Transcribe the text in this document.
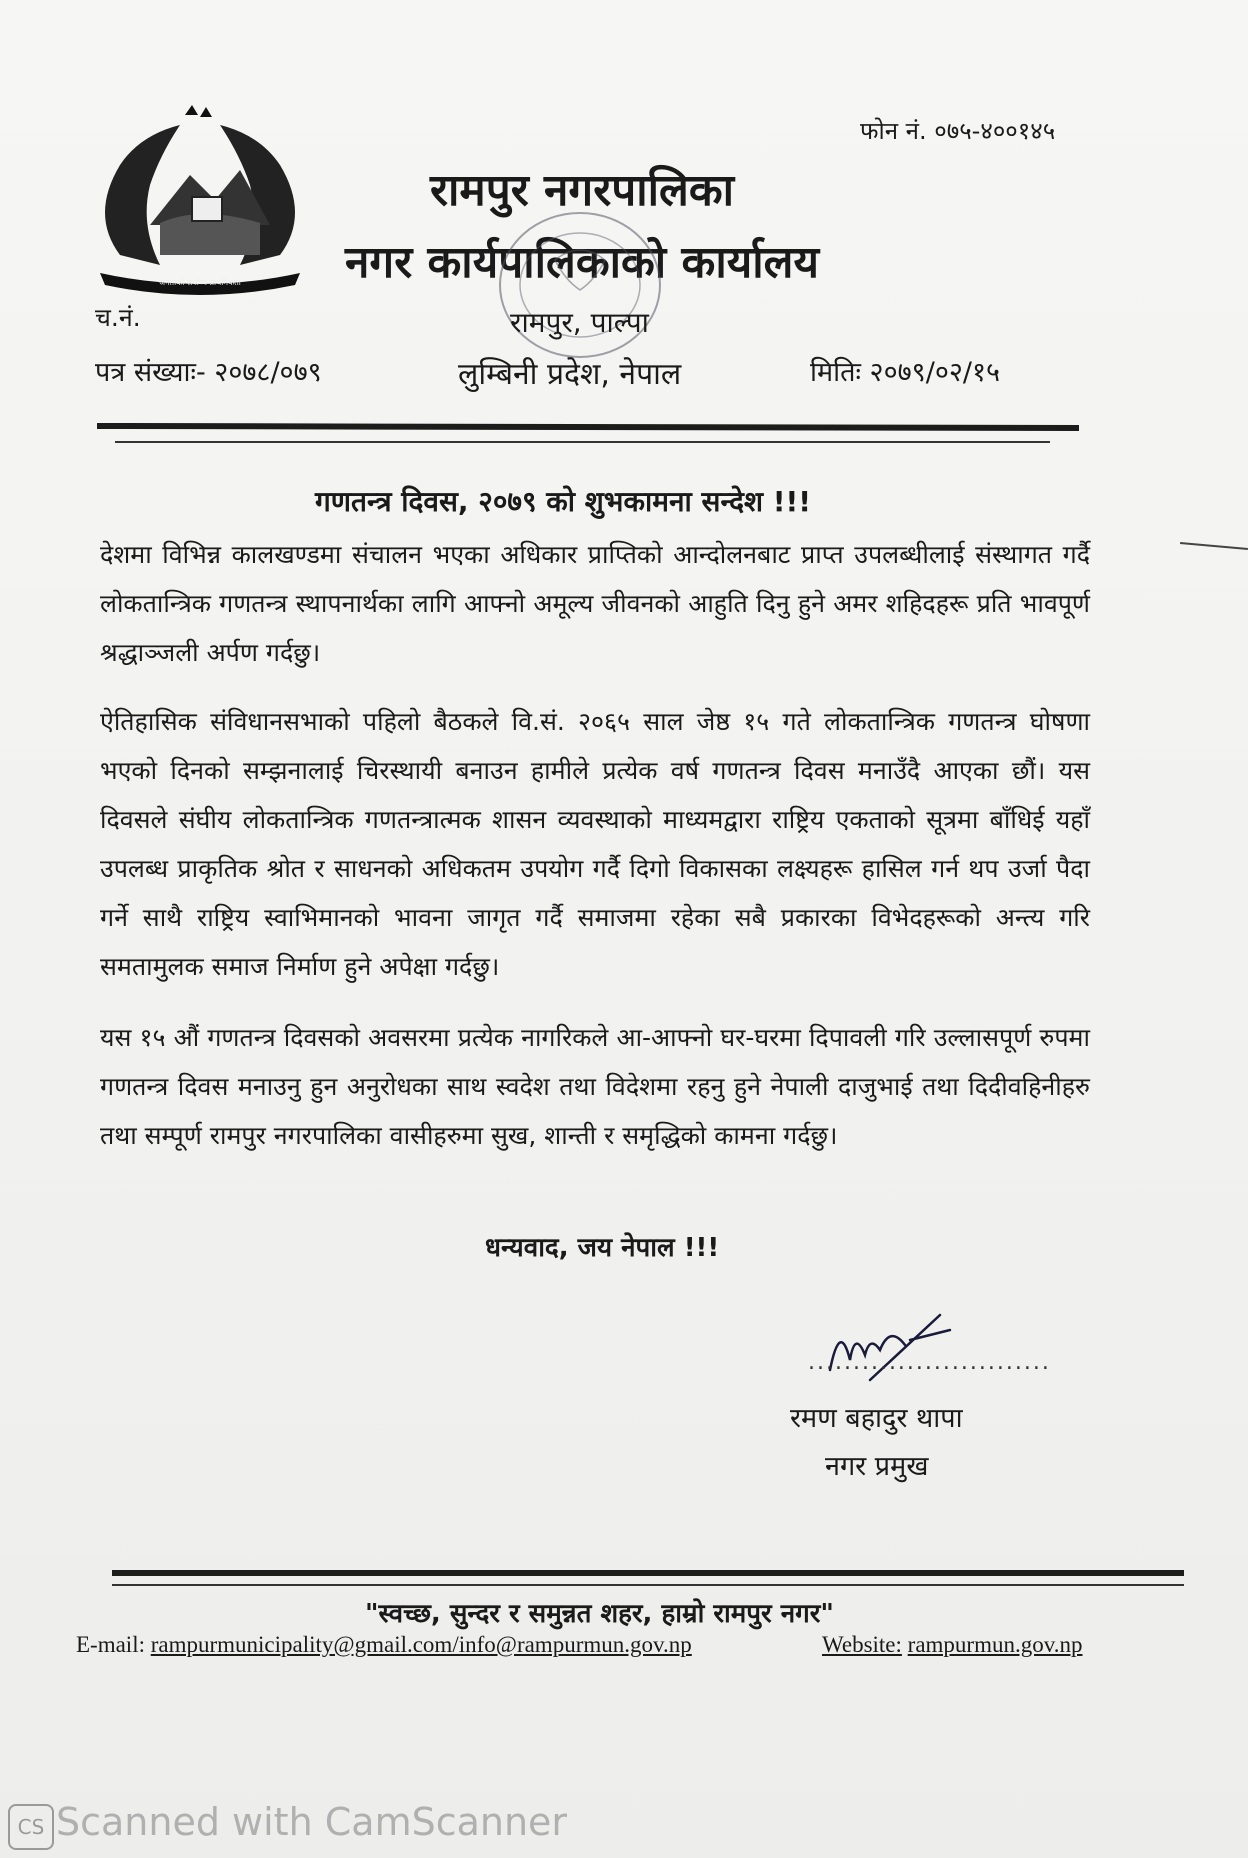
जनताको सर्वोच्च प्राथमिकता
फोन नं. ०७५-४००१४५
रामपुर नगरपालिका
नगर कार्यपालिकाको कार्यालय
च.नं.	रामपुर, पाल्पा
पत्र संख्याः- २०७८/०७९	लुम्बिनी प्रदेश, नेपाल	मितिः २०७९/०२/१५
गणतन्त्र दिवस, २०७९ को शुभकामना सन्देश !!!
देशमा विभिन्न कालखण्डमा संचालन भएका अधिकार प्राप्तिको आन्दोलनबाट प्राप्त उपलब्धीलाई संस्थागत गर्दै लोकतान्त्रिक गणतन्त्र स्थापनार्थका लागि आफ्नो अमूल्य जीवनको आहुति दिनु हुने अमर शहिदहरू प्रति भावपूर्ण श्रद्धाञ्जली अर्पण गर्दछु।
ऐतिहासिक संविधानसभाको पहिलो बैठकले वि.सं. २०६५ साल जेष्ठ १५ गते लोकतान्त्रिक गणतन्त्र घोषणा भएको दिनको सम्झनालाई चिरस्थायी बनाउन हामीले प्रत्येक वर्ष गणतन्त्र दिवस मनाउँदै आएका छौं। यस दिवसले संघीय लोकतान्त्रिक गणतन्त्रात्मक शासन व्यवस्थाको माध्यमद्वारा राष्ट्रिय एकताको सूत्रमा बाँधिई यहाँ उपलब्ध प्राकृतिक श्रोत र साधनको अधिकतम उपयोग गर्दै दिगो विकासका लक्ष्यहरू हासिल गर्न थप उर्जा पैदा गर्ने साथै राष्ट्रिय स्वाभिमानको भावना जागृत गर्दै समाजमा रहेका सबै प्रकारका विभेदहरूको अन्त्य गरि समतामुलक समाज निर्माण हुने अपेक्षा गर्दछु।
यस १५ औं गणतन्त्र दिवसको अवसरमा प्रत्येक नागरिकले आ-आफ्नो घर-घरमा दिपावली गरि उल्लासपूर्ण रुपमा गणतन्त्र दिवस मनाउनु हुन अनुरोधका साथ स्वदेश तथा विदेशमा रहनु हुने नेपाली दाजुभाई तथा दिदीवहिनीहरु तथा सम्पूर्ण रामपुर नगरपालिका वासीहरुमा सुख, शान्ती र समृद्धिको कामना गर्दछु।
धन्यवाद, जय नेपाल !!!
...........................
रमण बहादुर थापा
नगर प्रमुख
"स्वच्छ, सुन्दर र समुन्नत शहर, हाम्रो रामपुर नगर"
E-mail: rampurmunicipality@gmail.com/info@rampurmun.gov.np	Website: rampurmun.gov.np
CS Scanned with CamScanner
